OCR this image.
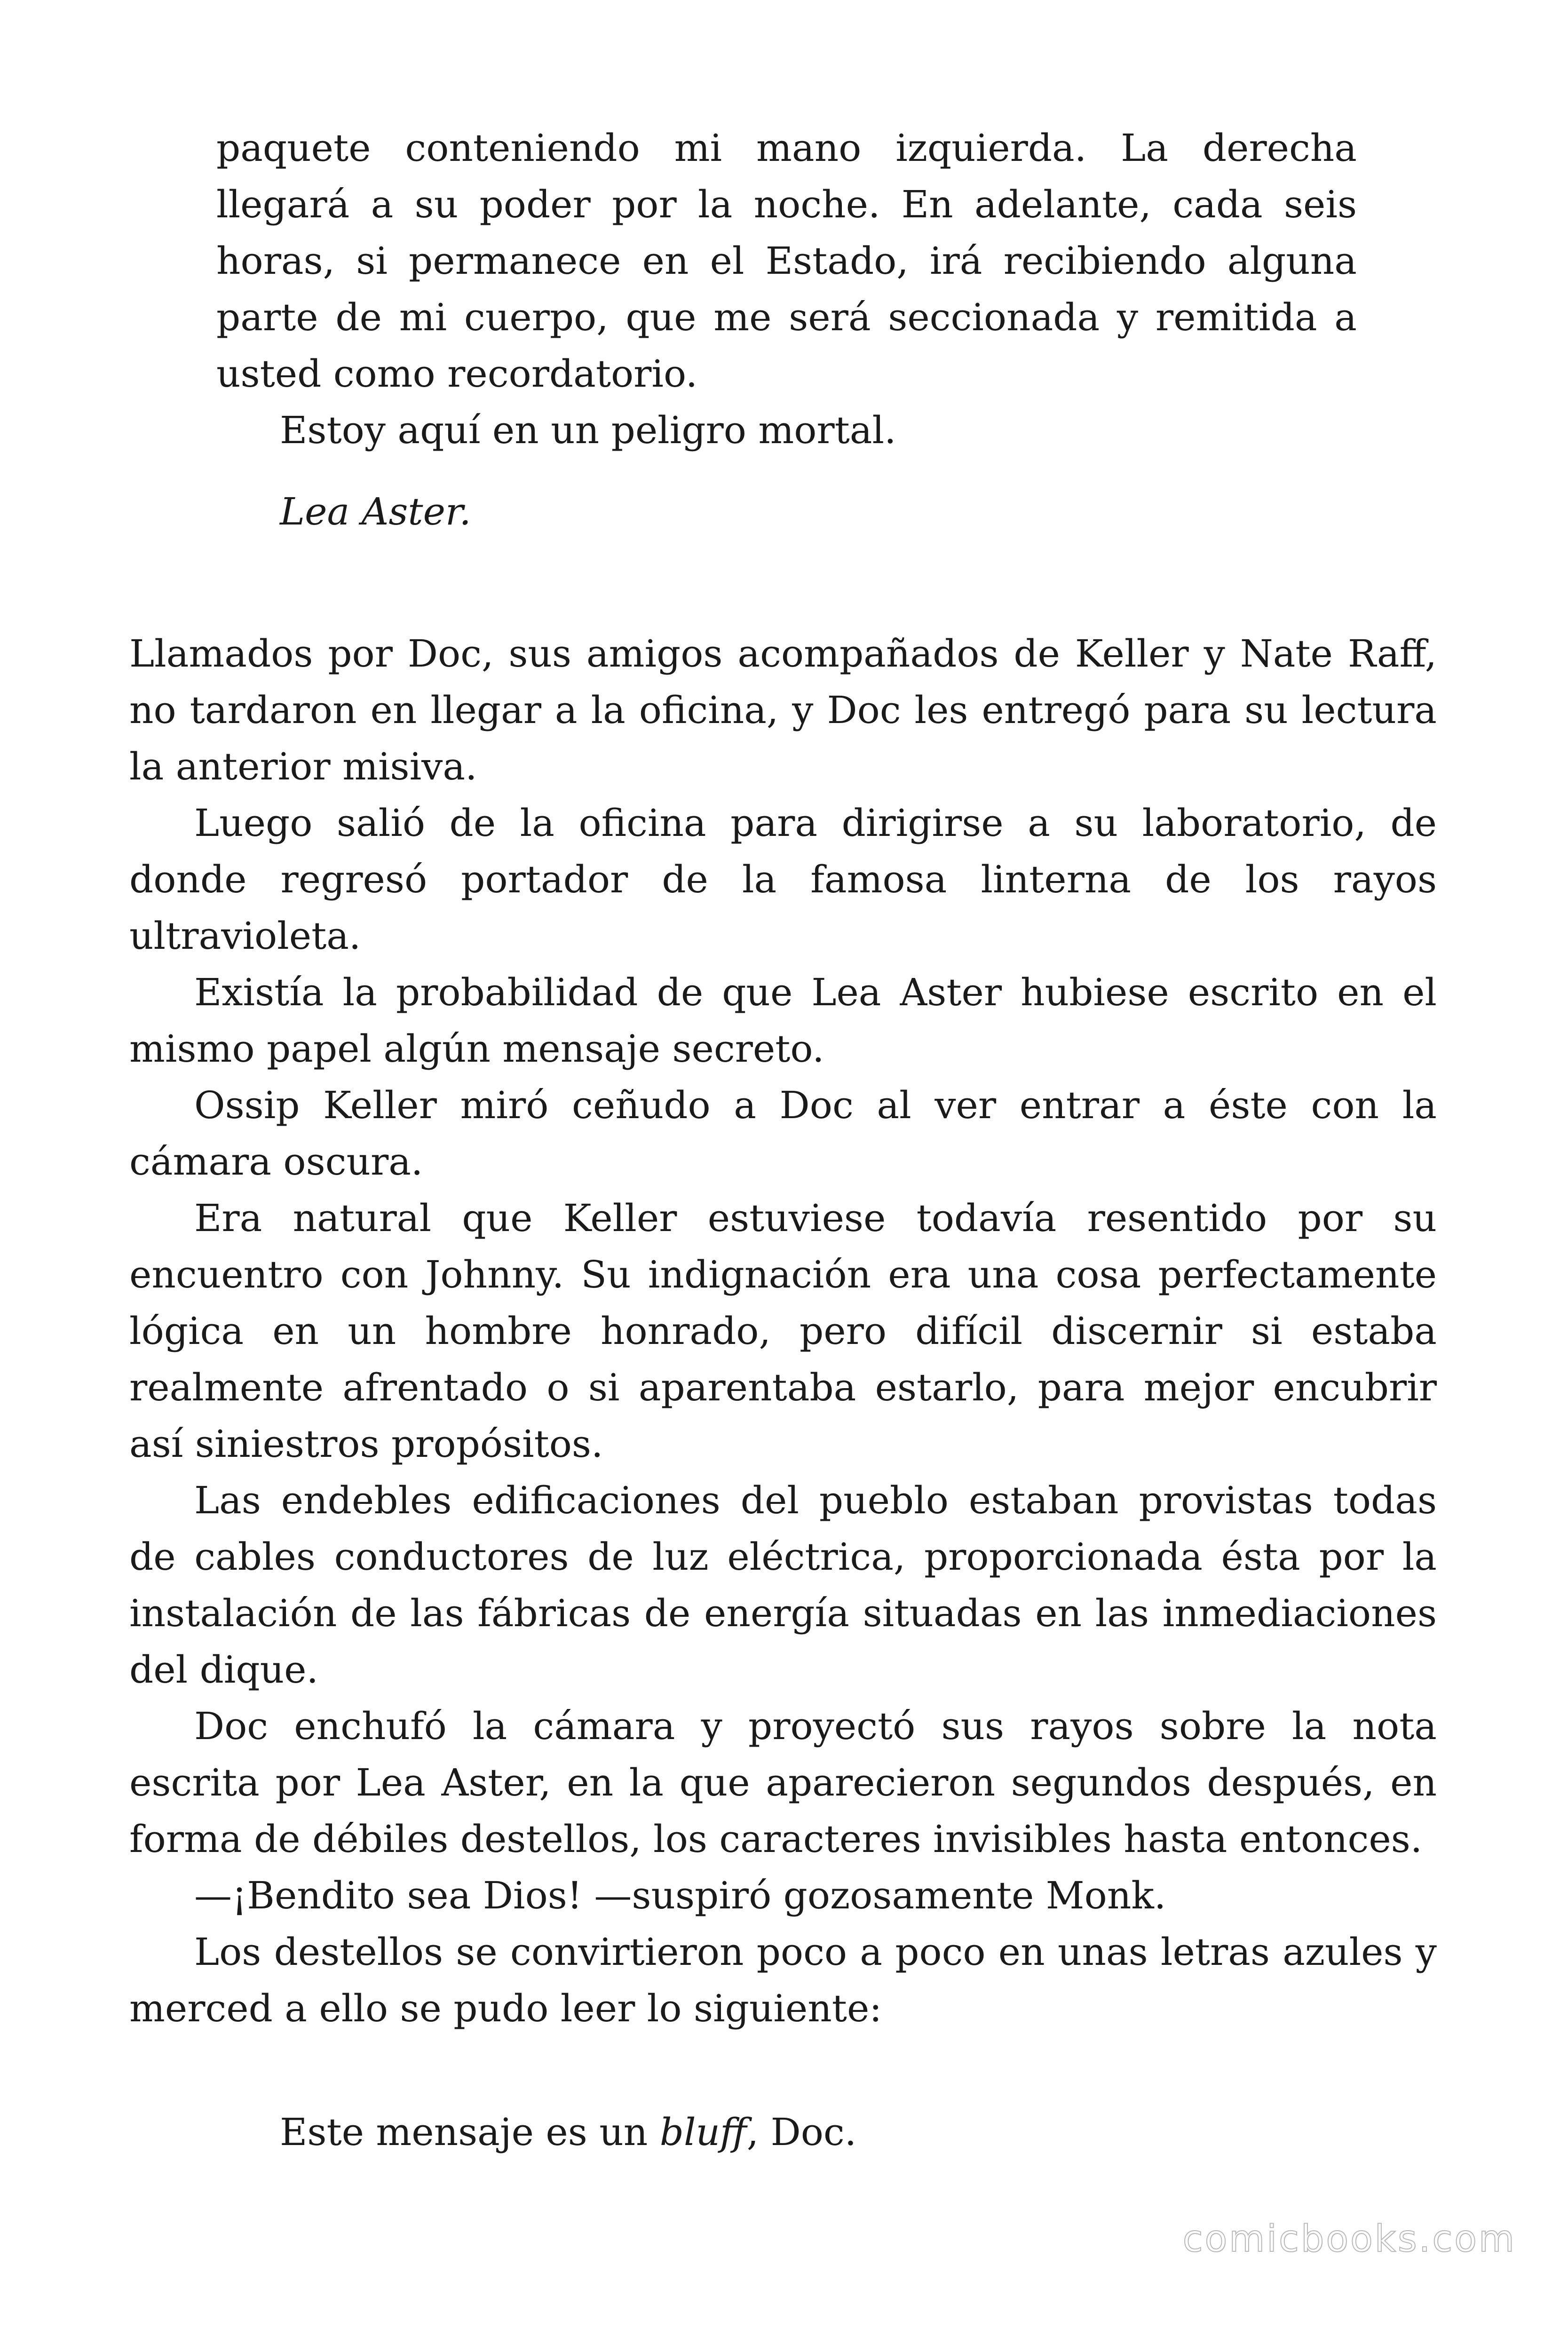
paquete conteniendo mi mano izquierda. La derecha llegará a su poder por la noche. En adelante, cada seis horas, si permanece en el Estado, irá recibiendo alguna parte de mi cuerpo, que me será seccionada y remitida a usted como recordatorio.

Estoy aquí en un peligro mortal.

Lea Aster.

Llamados por Doc, sus amigos acompañados de Keller y Nate Raff, no tardaron en llegar a la oficina, y Doc les entregó para su lectura la anterior misiva.

Luego salió de la oficina para dirigirse a su laboratorio, de donde regresó portador de la famosa linterna de los rayos ultravioleta.

Existía la probabilidad de que Lea Aster hubiese escrito en el mismo papel algún mensaje secreto.

Ossip Keller miró ceñudo a Doc al ver entrar a éste con la cámara oscura.

Era natural que Keller estuviese todavía resentido por su encuentro con Johnny. Su indignación era una cosa perfectamente lógica en un hombre honrado, pero difícil discernir si estaba realmente afrentado o si aparentaba estarlo, para mejor encubrir así siniestros propósitos.

Las endebles edificaciones del pueblo estaban provistas todas de cables conductores de luz eléctrica, proporcionada ésta por la instalación de las fábricas de energía situadas en las inmediaciones del dique.

Doc enchufó la cámara y proyectó sus rayos sobre la nota escrita por Lea Aster, en la que aparecieron segundos después, en forma de débiles destellos, los caracteres invisibles hasta entonces.

—¡Bendito sea Dios! —suspiró gozosamente Monk.

Los destellos se convirtieron poco a poco en unas letras azules y merced a ello se pudo leer lo siguiente:

Este mensaje es un bluff, Doc.
comicbooks.com
